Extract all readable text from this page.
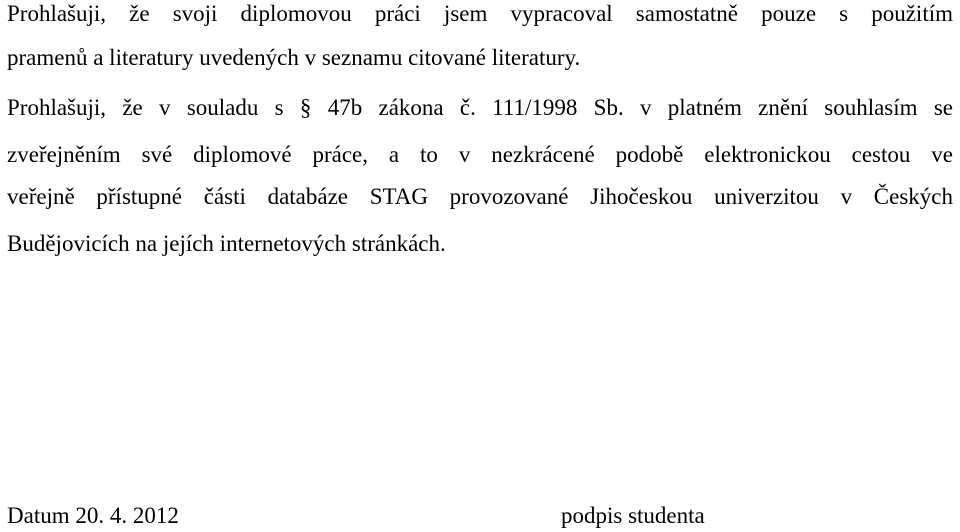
Prohlašuji, že svoji diplomovou práci jsem vypracoval samostatně pouze s použitím
pramenů a literatury uvedených v seznamu citované literatury.
Prohlašuji, že v souladu s § 47b zákona č. 111/1998 Sb. v platném znění souhlasím se
zveřejněním své diplomové práce, a to v nezkrácené podobě elektronickou cestou ve
veřejně přístupné části databáze STAG provozované Jihočeskou univerzitou v Českých
Budějovicích na jejích internetových stránkách.
Datum 20. 4. 2012	podpis studenta
